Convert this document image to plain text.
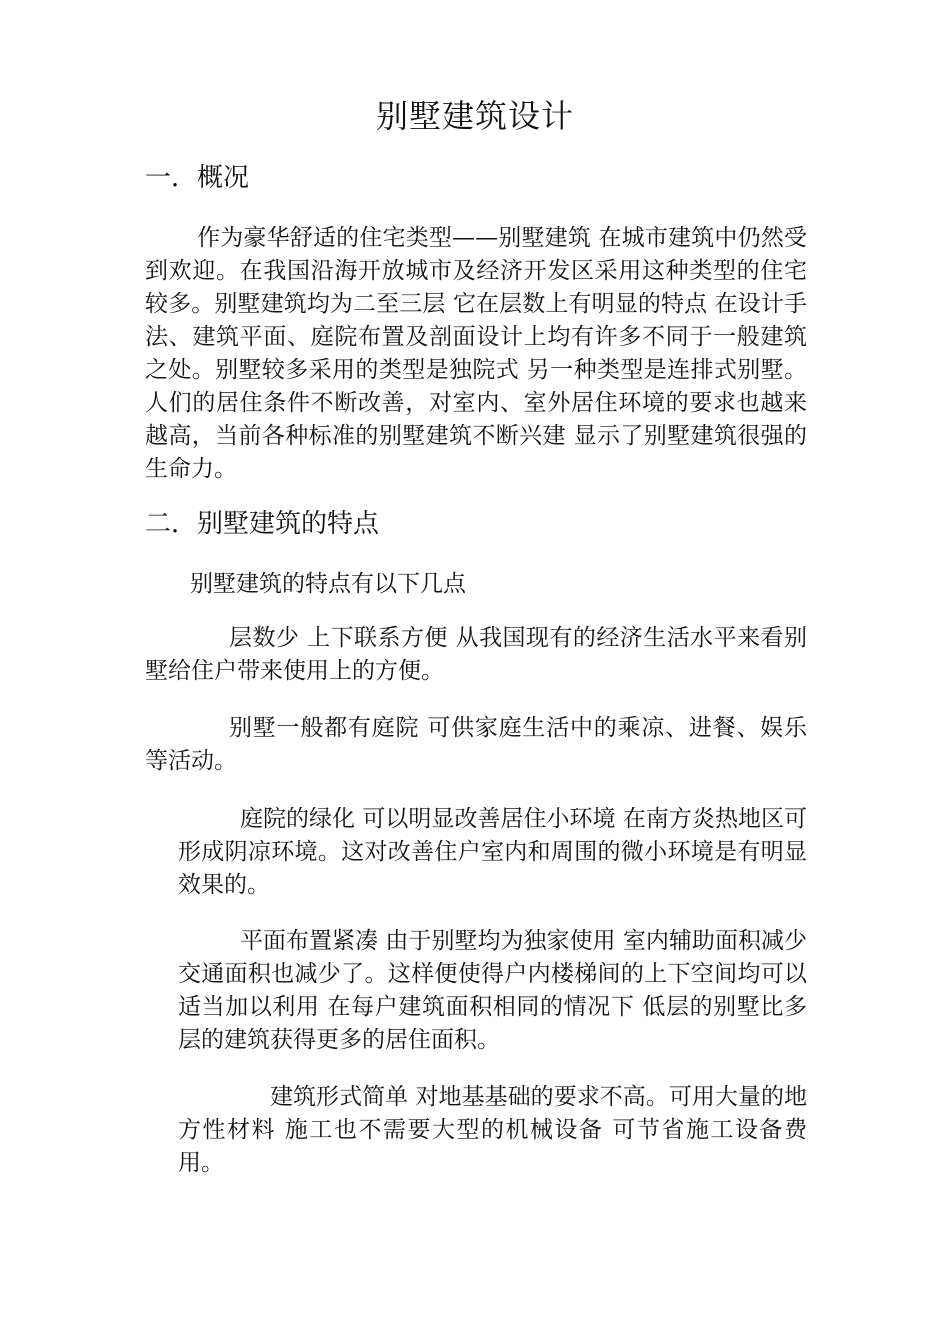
别墅建筑设计
一．概况
作为豪华舒适的住宅类型——别墅建筑 在城市建筑中仍然受到欢迎。在我国沿海开放城市及经济开发区采用这种类型的住宅较多。别墅建筑均为二至三层 它在层数上有明显的特点 在设计手法、建筑平面、庭院布置及剖面设计上均有许多不同于一般建筑之处。别墅较多采用的类型是独院式 另一种类型是连排式别墅。人们的居住条件不断改善，对室内、室外居住环境的要求也越来越高，当前各种标准的别墅建筑不断兴建 显示了别墅建筑很强的生命力。
二．别墅建筑的特点
别墅建筑的特点有以下几点
层数少 上下联系方便 从我国现有的经济生活水平来看别墅给住户带来使用上的方便。
别墅一般都有庭院 可供家庭生活中的乘凉、进餐、娱乐等活动。
庭院的绿化 可以明显改善居住小环境 在南方炎热地区可形成阴凉环境。这对改善住户室内和周围的微小环境是有明显效果的。
平面布置紧凑 由于别墅均为独家使用 室内辅助面积减少 交通面积也减少了。这样便使得户内楼梯间的上下空间均可以适当加以利用 在每户建筑面积相同的情况下 低层的别墅比多层的建筑获得更多的居住面积。
建筑形式简单 对地基基础的要求不高。可用大量的地方性材料 施工也不需要大型的机械设备 可节省施工设备费用。
